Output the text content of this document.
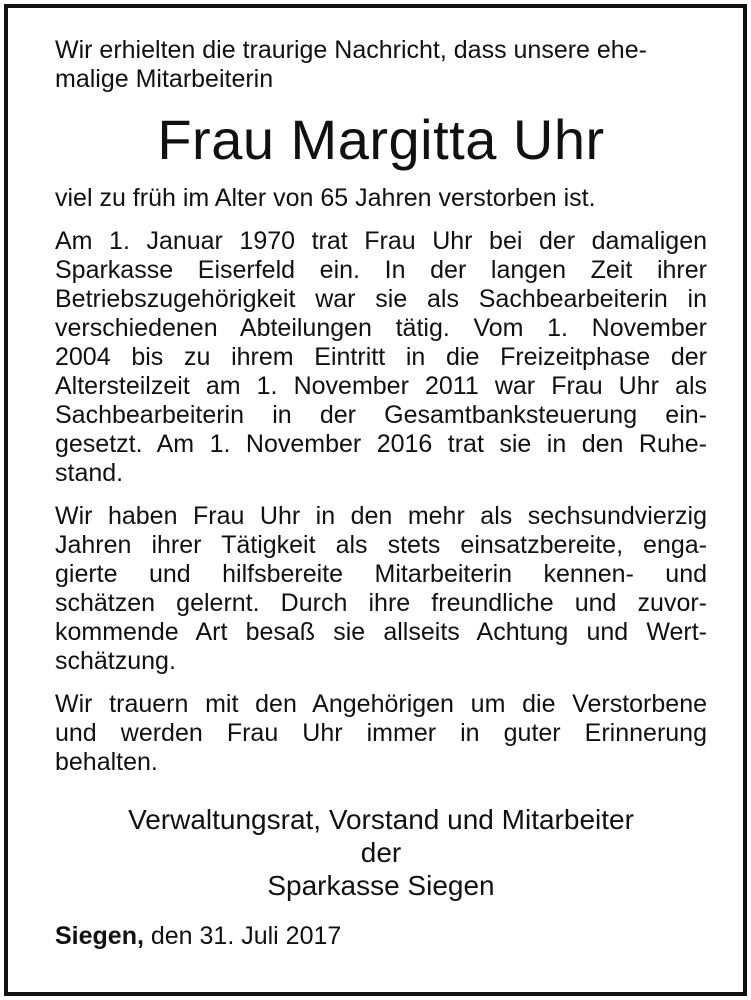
Wir erhielten die traurige Nachricht, dass unsere ehe-
malige Mitarbeiterin

Frau Margitta Uhr

viel zu früh im Alter von 65 Jahren verstorben ist.

Am 1. Januar 1970 trat Frau Uhr bei der damaligen
Sparkasse Eiserfeld ein. In der langen Zeit ihrer
Betriebszugehörigkeit war sie als Sachbearbeiterin in
verschiedenen Abteilungen tätig. Vom 1. November
2004 bis zu ihrem Eintritt in die Freizeitphase der
Altersteilzeit am 1. November 2011 war Frau Uhr als
Sachbearbeiterin in der Gesamtbanksteuerung ein-
gesetzt. Am 1. November 2016 trat sie in den Ruhe-
stand.

Wir haben Frau Uhr in den mehr als sechsundvierzig
Jahren ihrer Tätigkeit als stets einsatzbereite, enga-
gierte und hilfsbereite Mitarbeiterin kennen- und
schätzen gelernt. Durch ihre freundliche und zuvor-
kommende Art besaß sie allseits Achtung und Wert-
schätzung.

Wir trauern mit den Angehörigen um die Verstorbene
und werden Frau Uhr immer in guter Erinnerung
behalten.

Verwaltungsrat, Vorstand und Mitarbeiter
der
Sparkasse Siegen

Siegen, den 31. Juli 2017
